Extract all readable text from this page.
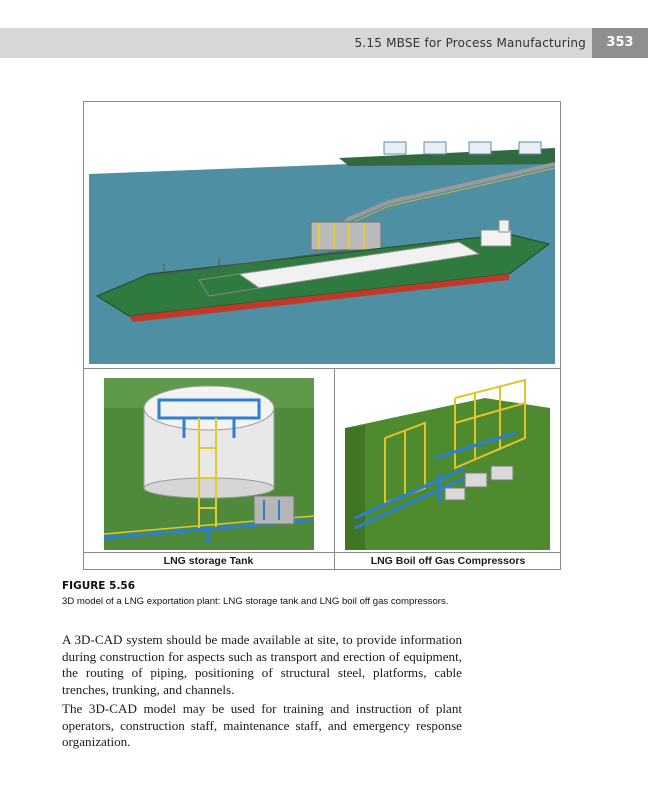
5.15 MBSE for Process Manufacturing	353
LNG storage Tank	LNG Boil off Gas Compressors
FIGURE 5.56
3D model of a LNG exportation plant: LNG storage tank and LNG boil off gas compressors.

A 3D-CAD system should be made available at site, to provide information during construction for aspects such as transport and erection of equipment, the routing of piping, positioning of structural steel, platforms, cable trenches, trunking, and channels.

The 3D-CAD model may be used for training and instruction of plant operators, construction staff, maintenance staff, and emergency response organization.
